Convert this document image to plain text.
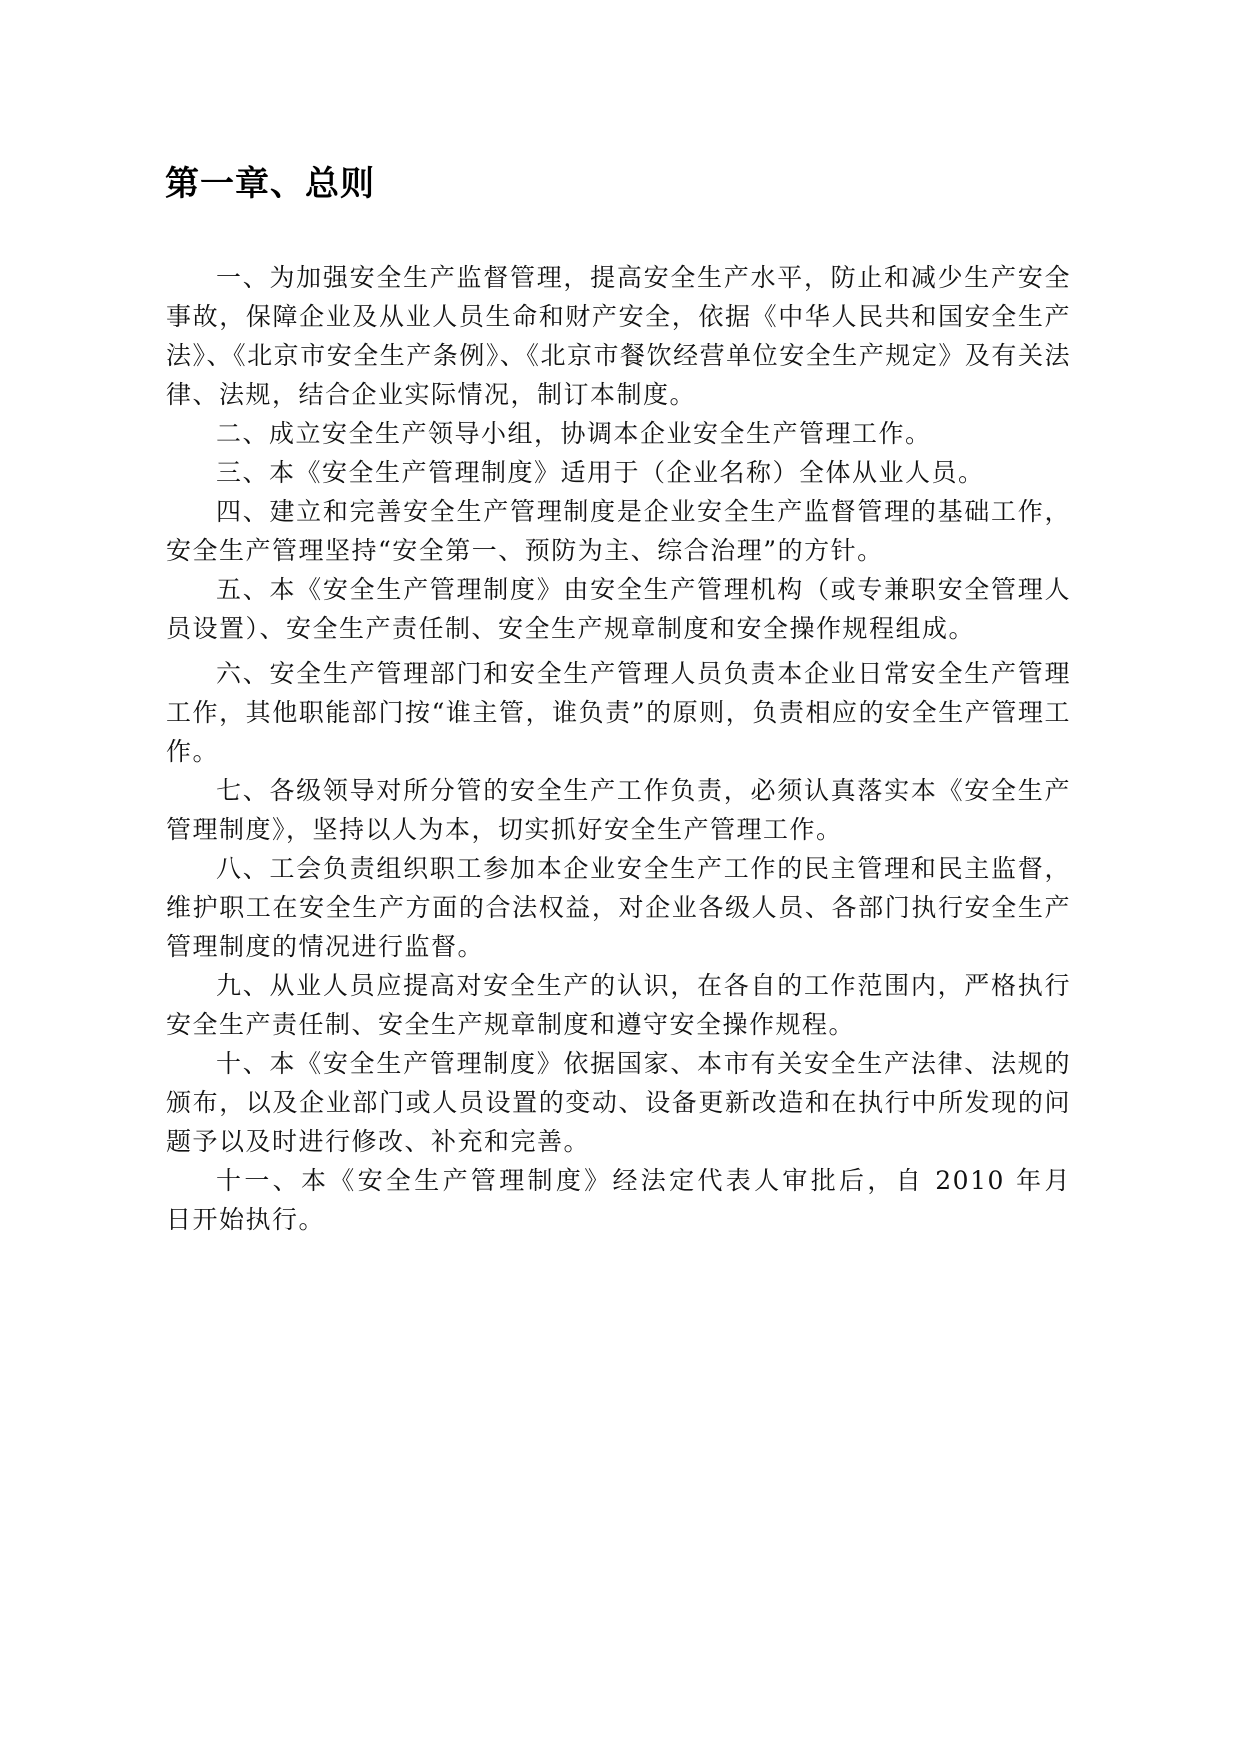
第一章、总则

一、为加强安全生产监督管理，提高安全生产水平，防止和减少生产安全事故，保障企业及从业人员生命和财产安全，依据《中华人民共和国安全生产法》、《北京市安全生产条例》、《北京市餐饮经营单位安全生产规定》及有关法律、法规，结合企业实际情况，制订本制度。

二、成立安全生产领导小组，协调本企业安全生产管理工作。

三、本《安全生产管理制度》适用于（企业名称）全体从业人员。

四、建立和完善安全生产管理制度是企业安全生产监督管理的基础工作，安全生产管理坚持“安全第一、预防为主、综合治理”的方针。

五、本《安全生产管理制度》由安全生产管理机构（或专兼职安全管理人员设置）、安全生产责任制、安全生产规章制度和安全操作规程组成。

六、安全生产管理部门和安全生产管理人员负责本企业日常安全生产管理工作，其他职能部门按“谁主管，谁负责”的原则，负责相应的安全生产管理工作。

七、各级领导对所分管的安全生产工作负责，必须认真落实本《安全生产管理制度》，坚持以人为本，切实抓好安全生产管理工作。

八、工会负责组织职工参加本企业安全生产工作的民主管理和民主监督，维护职工在安全生产方面的合法权益，对企业各级人员、各部门执行安全生产管理制度的情况进行监督。

九、从业人员应提高对安全生产的认识，在各自的工作范围内，严格执行安全生产责任制、安全生产规章制度和遵守安全操作规程。

十、本《安全生产管理制度》依据国家、本市有关安全生产法律、法规的颁布，以及企业部门或人员设置的变动、设备更新改造和在执行中所发现的问题予以及时进行修改、补充和完善。

十一、本《安全生产管理制度》经法定代表人审批后，自 2010 年月　日开始执行。
